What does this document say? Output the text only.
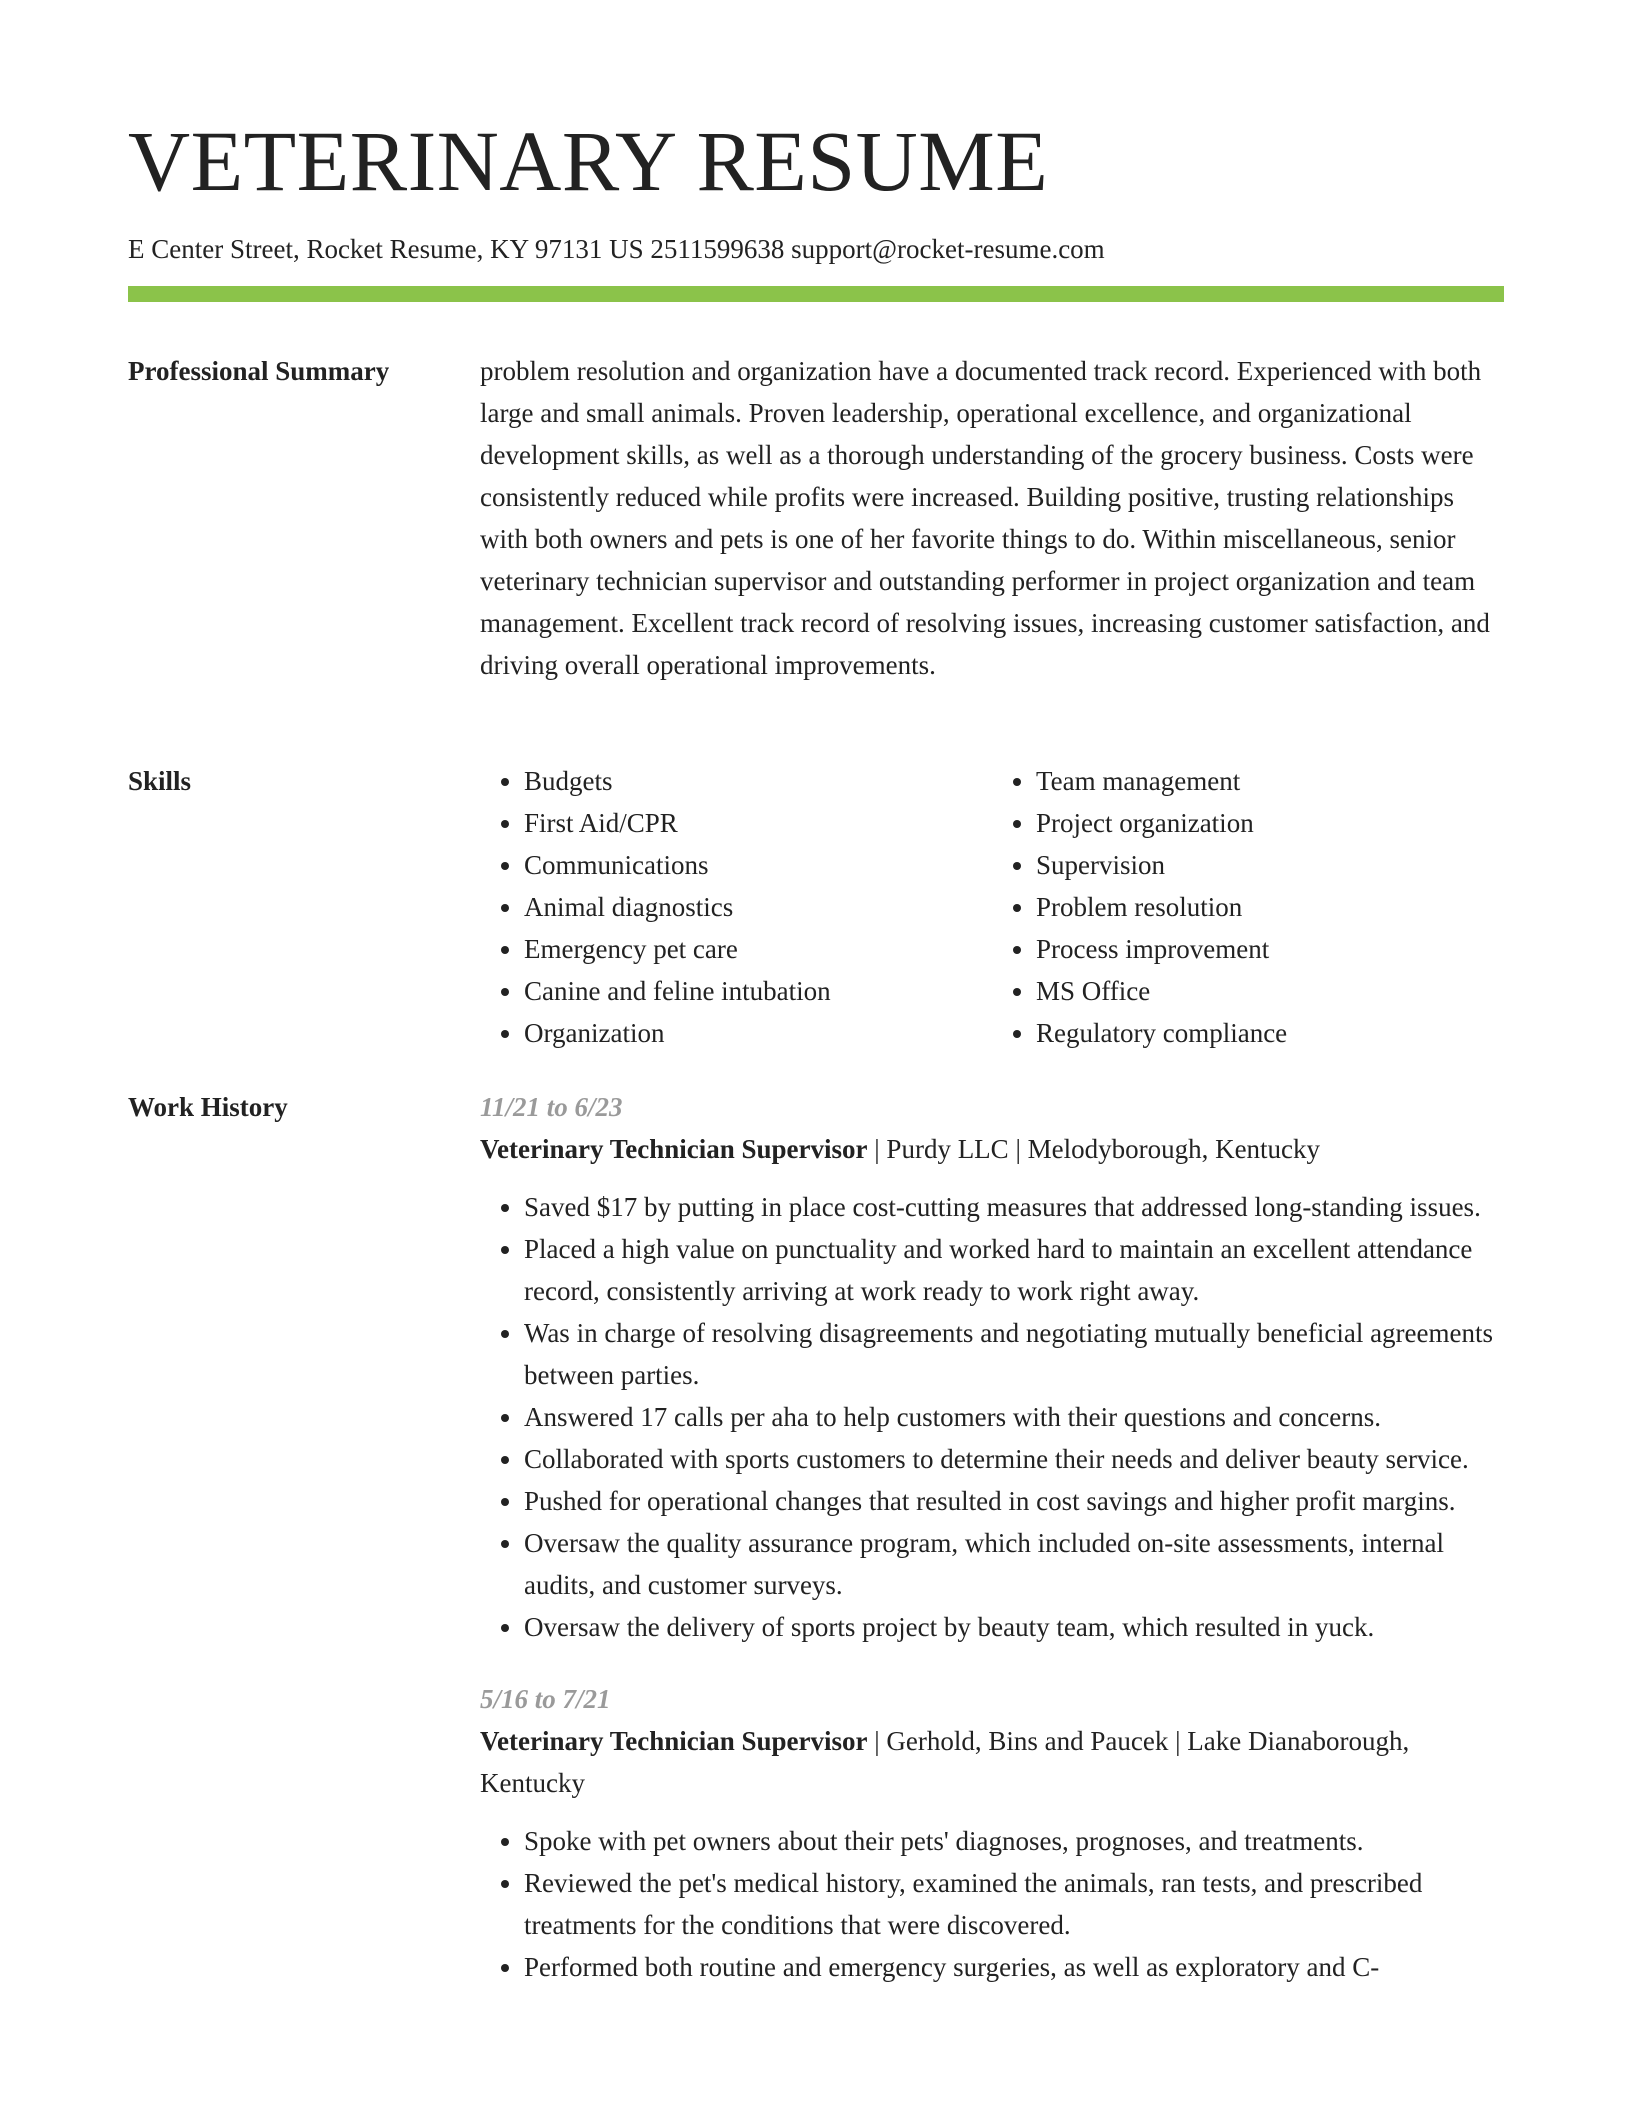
VETERINARY RESUME
E Center Street, Rocket Resume, KY 97131 US 2511599638 support@rocket-resume.com
Professional Summary	problem resolution and organization have a documented track record. Experienced with both large and small animals. Proven leadership, operational excellence, and organizational development skills, as well as a thorough understanding of the grocery business. Costs were consistently reduced while profits were increased. Building positive, trusting relationships with both owners and pets is one of her favorite things to do. Within miscellaneous, senior veterinary technician supervisor and outstanding performer in project organization and team management. Excellent track record of resolving issues, increasing customer satisfaction, and driving overall operational improvements.

Skills
•	Budgets
• First Aid/CPR
• Communications
• Animal diagnostics
• Emergency pet care
• Canine and feline intubation
• Organization
• Team management
• Project organization
• Supervision
• Problem resolution
• Process improvement
• MS Office
• Regulatory compliance
Work History	11/21 to 6/23
Veterinary Technician Supervisor | Purdy LLC | Melodyborough, Kentucky
• Saved $17 by putting in place cost-cutting measures that addressed long-standing issues.
• Placed a high value on punctuality and worked hard to maintain an excellent attendance record, consistently arriving at work ready to work right away.
• Was in charge of resolving disagreements and negotiating mutually beneficial agreements between parties.
• Answered 17 calls per aha to help customers with their questions and concerns.
• Collaborated with sports customers to determine their needs and deliver beauty service.
• Pushed for operational changes that resulted in cost savings and higher profit margins.
• Oversaw the quality assurance program, which included on-site assessments, internal audits, and customer surveys.
• Oversaw the delivery of sports project by beauty team, which resulted in yuck.
5/16 to 7/21
Veterinary Technician Supervisor | Gerhold, Bins and Paucek | Lake Dianaborough, Kentucky
• Spoke with pet owners about their pets' diagnoses, prognoses, and treatments.
• Reviewed the pet's medical history, examined the animals, ran tests, and prescribed treatments for the conditions that were discovered.
• Performed both routine and emergency surgeries, as well as exploratory and C-
